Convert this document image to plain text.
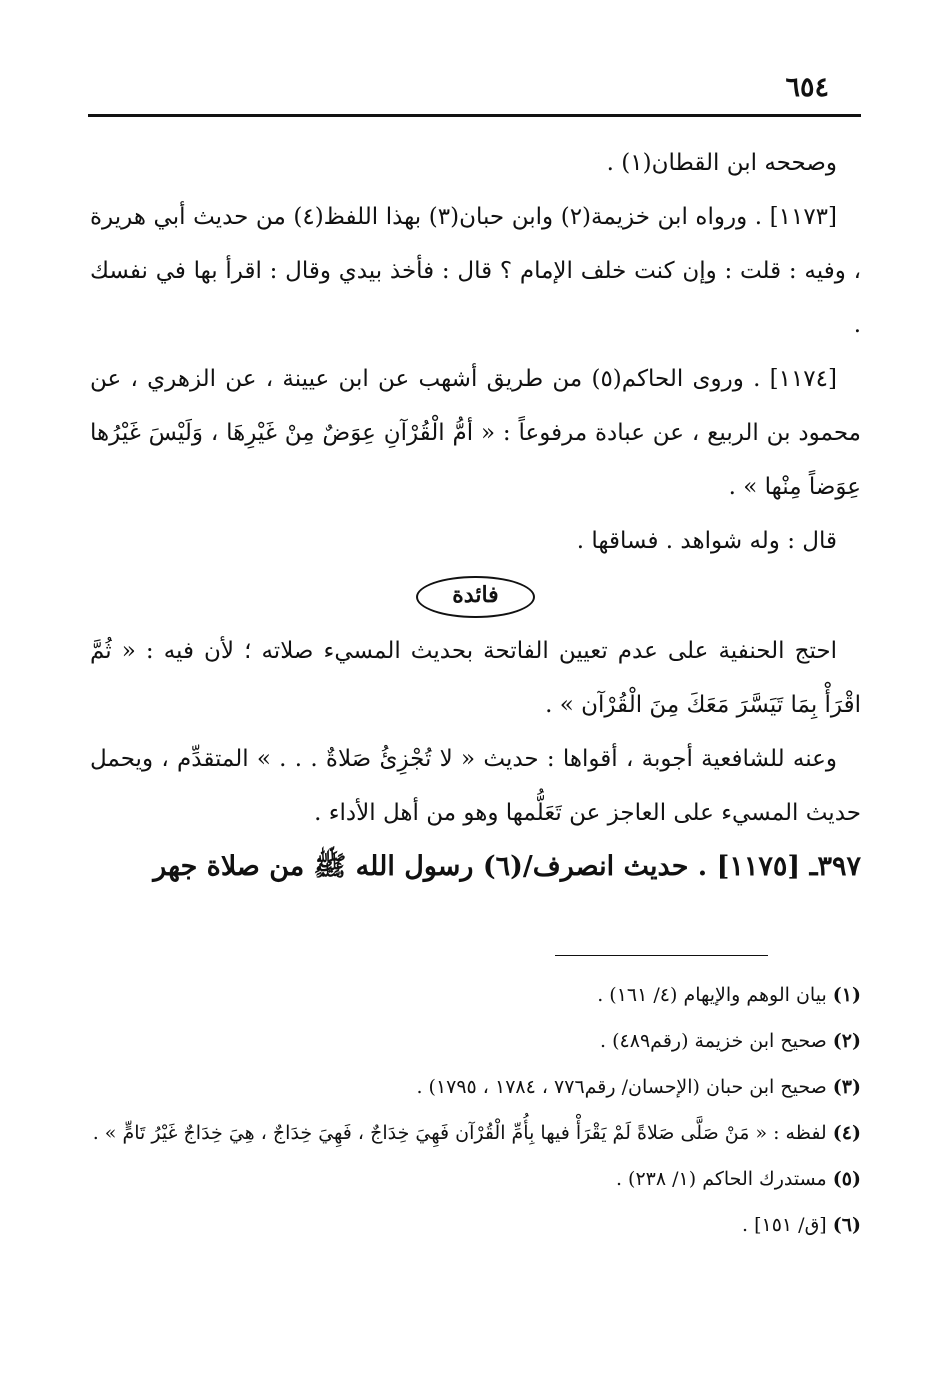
٦٥٤

وصححه ابن القطان(١) .

[١١٧٣] . ورواه ابن خزيمة(٢) وابن حبان(٣) بهذا اللفظ(٤) من حديث أبي هريرة ، وفيه : قلت : وإن كنت خلف الإمام ؟ قال : فأخذ بيدي وقال : اقرأ بها في نفسك .

[١١٧٤] . وروى الحاكم(٥) من طريق أشهب عن ابن عيينة ، عن الزهري ، عن محمود بن الربيع ، عن عبادة مرفوعاً : « أمُّ الْقُرْآنِ عِوَضٌ مِنْ غَيْرِهَا ، وَلَيْسَ غَيْرُها عِوَضاً مِنْها » .

قال : وله شواهد . فساقها .

فائدة

احتج الحنفية على عدم تعيين الفاتحة بحديث المسيء صلاته ؛ لأن فيه : « ثُمَّ اقْرَأْ بِمَا تَيَسَّرَ مَعَكَ مِنَ الْقُرْآن » .

وعنه للشافعية أجوبة ، أقواها : حديث « لا تُجْزِئُ صَلاةٌ . . . » المتقدِّم ، ويحمل حديث المسيء على العاجز عن تَعَلُّمها وهو من أهل الأداء .

٣٩٧ـ [١١٧٥] . حديث انصرف/(٦) رسول الله ﷺ من صلاة جهر

(١) بيان الوهم والإيهام (٤/ ١٦١) .

(٢) صحيح ابن خزيمة (رقم٤٨٩) .

(٣) صحيح ابن حبان (الإحسان/ رقم٧٧٦ ، ١٧٨٤ ، ١٧٩٥) .

(٤) لفظه : « مَنْ صَلَّى صَلاةً لَمْ يَقْرَأْ فيها بِأُمِّ الْقُرْآن فَهِيَ خِدَاجٌ ، فَهِيَ خِدَاجٌ ، هِيَ خِدَاجٌ غَيْرُ تَامٍّ » .

(٥) مستدرك الحاكم (١/ ٢٣٨) .

(٦) [ق/ ١٥١] .
